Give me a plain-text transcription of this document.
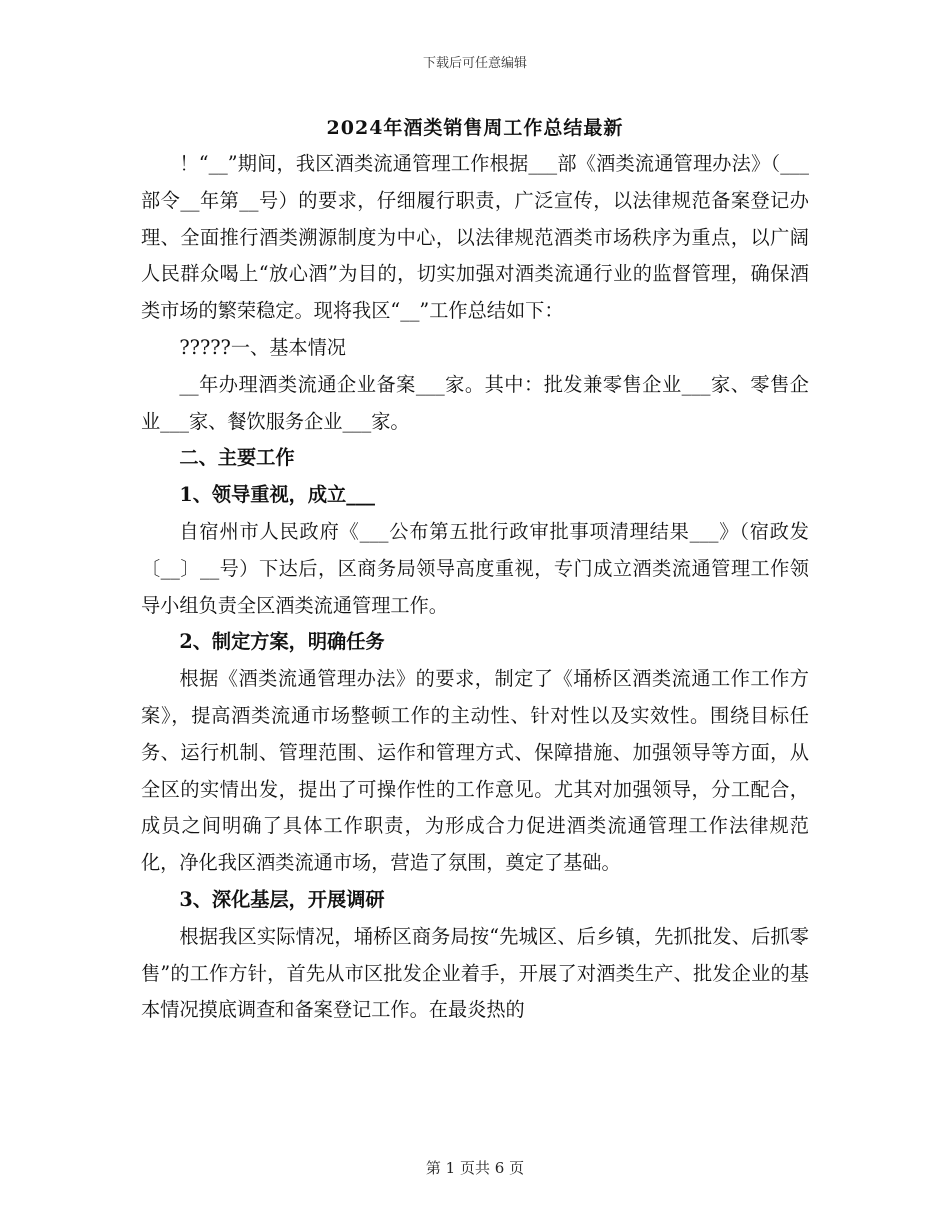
下载后可任意编辑
2024年酒类销售周工作总结最新

！“__”期间，我区酒类流通管理工作根据___部《酒类流通管理办法》（___部令__年第__号）的要求，仔细履行职责，广泛宣传，以法律规范备案登记办理、全面推行酒类溯源制度为中心，以法律规范酒类市场秩序为重点，以广阔人民群众喝上“放心酒”为目的，切实加强对酒类流通行业的监督管理，确保酒类市场的繁荣稳定。现将我区“__”工作总结如下：

?????一、基本情况

__年办理酒类流通企业备案___家。其中：批发兼零售企业___家、零售企业___家、餐饮服务企业___家。

二、主要工作

1、领导重视，成立___

自宿州市人民政府《___公布第五批行政审批事项清理结果___》（宿政发〔__〕__号）下达后，区商务局领导高度重视，专门成立酒类流通管理工作领导小组负责全区酒类流通管理工作。

2、制定方案，明确任务

根据《酒类流通管理办法》的要求，制定了《埇桥区酒类流通工作工作方案》，提高酒类流通市场整顿工作的主动性、针对性以及实效性。围绕目标任务、运行机制、管理范围、运作和管理方式、保障措施、加强领导等方面，从全区的实情出发，提出了可操作性的工作意见。尤其对加强领导，分工配合，成员之间明确了具体工作职责，为形成合力促进酒类流通管理工作法律规范化，净化我区酒类流通市场，营造了氛围，奠定了基础。

3、深化基层，开展调研

根据我区实际情况，埇桥区商务局按“先城区、后乡镇，先抓批发、后抓零售”的工作方针，首先从市区批发企业着手，开展了对酒类生产、批发企业的基本情况摸底调查和备案登记工作。在最炎热的

第 1 页共 6 页
